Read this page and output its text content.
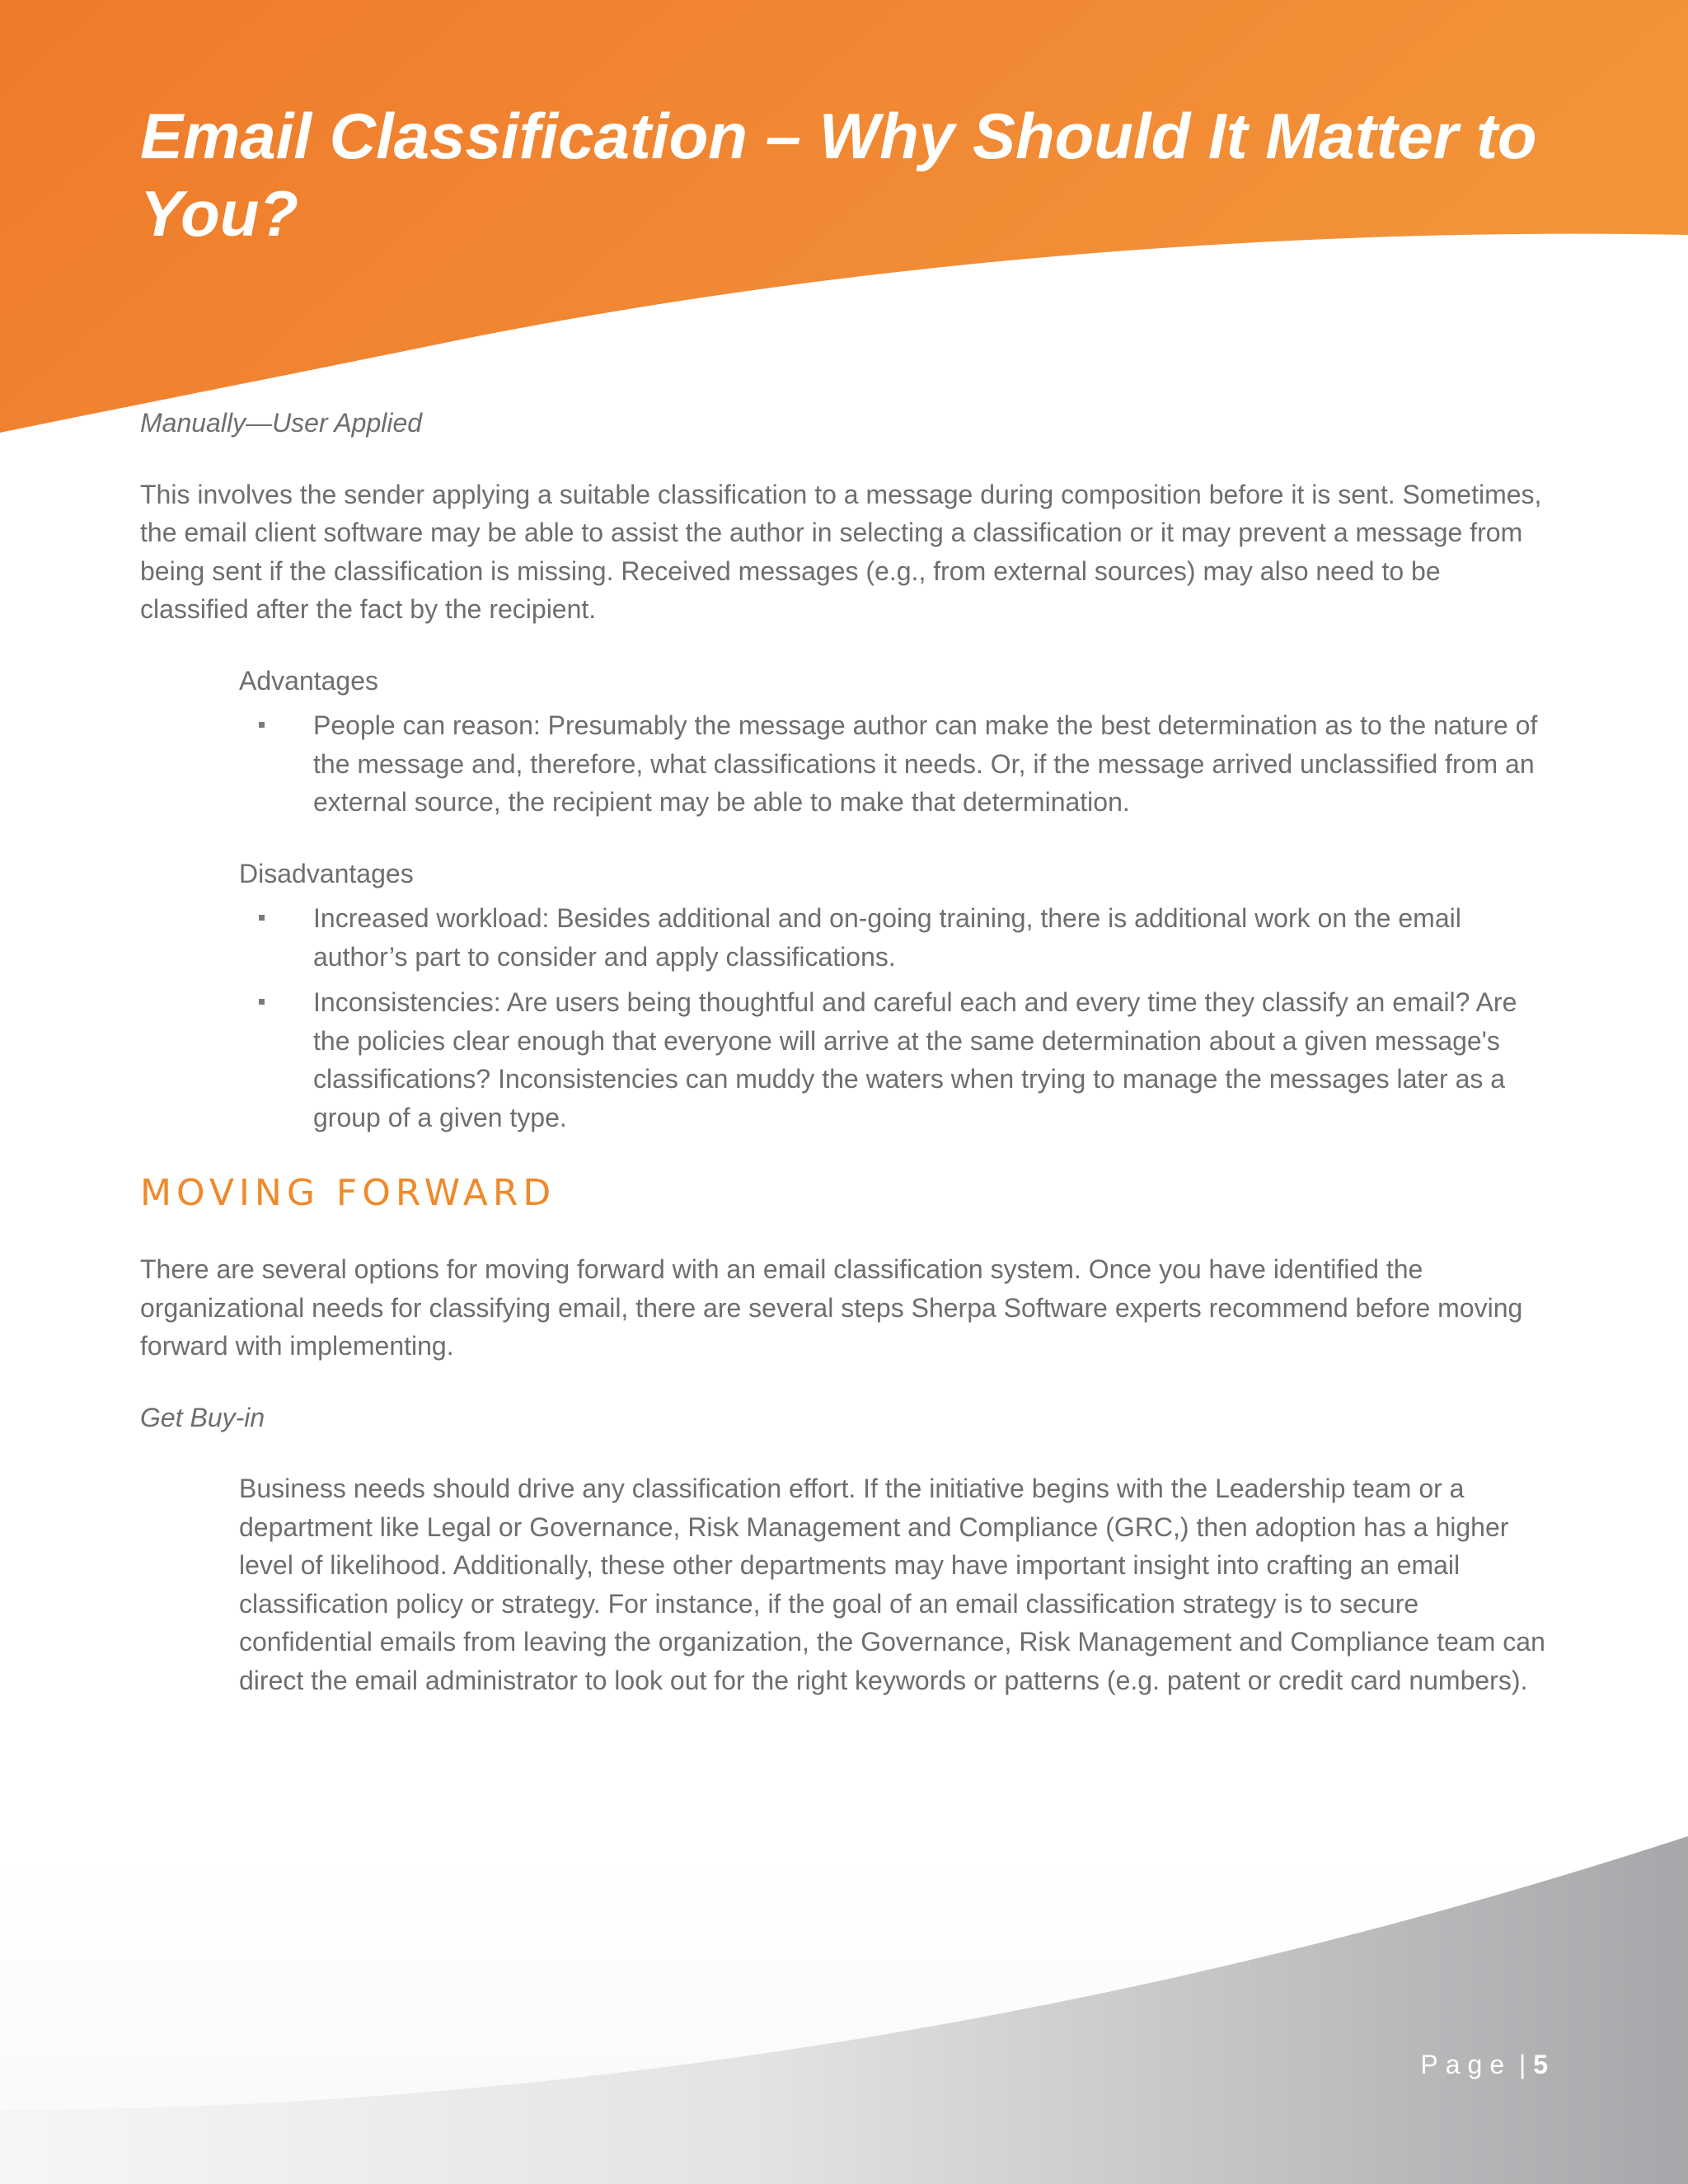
Email Classification – Why Should It Matter to You?
Manually—User Applied

This involves the sender applying a suitable classification to a message during composition before it is sent. Sometimes, the email client software may be able to assist the author in selecting a classification or it may prevent a message from being sent if the classification is missing. Received messages (e.g., from external sources) may also need to be classified after the fact by the recipient.

Advantages
People can reason: Presumably the message author can make the best determination as to the nature of the message and, therefore, what classifications it needs. Or, if the message arrived unclassified from an external source, the recipient may be able to make that determination.
Disadvantages
Increased workload: Besides additional and on-going training, there is additional work on the email author’s part to consider and apply classifications.
Inconsistencies: Are users being thoughtful and careful each and every time they classify an email? Are the policies clear enough that everyone will arrive at the same determination about a given message's classifications? Inconsistencies can muddy the waters when trying to manage the messages later as a group of a given type.
MOVING FORWARD

There are several options for moving forward with an email classification system. Once you have identified the organizational needs for classifying email, there are several steps Sherpa Software experts recommend before moving forward with implementing.

Get Buy-in

Business needs should drive any classification effort. If the initiative begins with the Leadership team or a department like Legal or Governance, Risk Management and Compliance (GRC,) then adoption has a higher level of likelihood. Additionally, these other departments may have important insight into crafting an email classification policy or strategy. For instance, if the goal of an email classification strategy is to secure confidential emails from leaving the organization, the Governance, Risk Management and Compliance team can direct the email administrator to look out for the right keywords or patterns (e.g. patent or credit card numbers).

Page | 5
